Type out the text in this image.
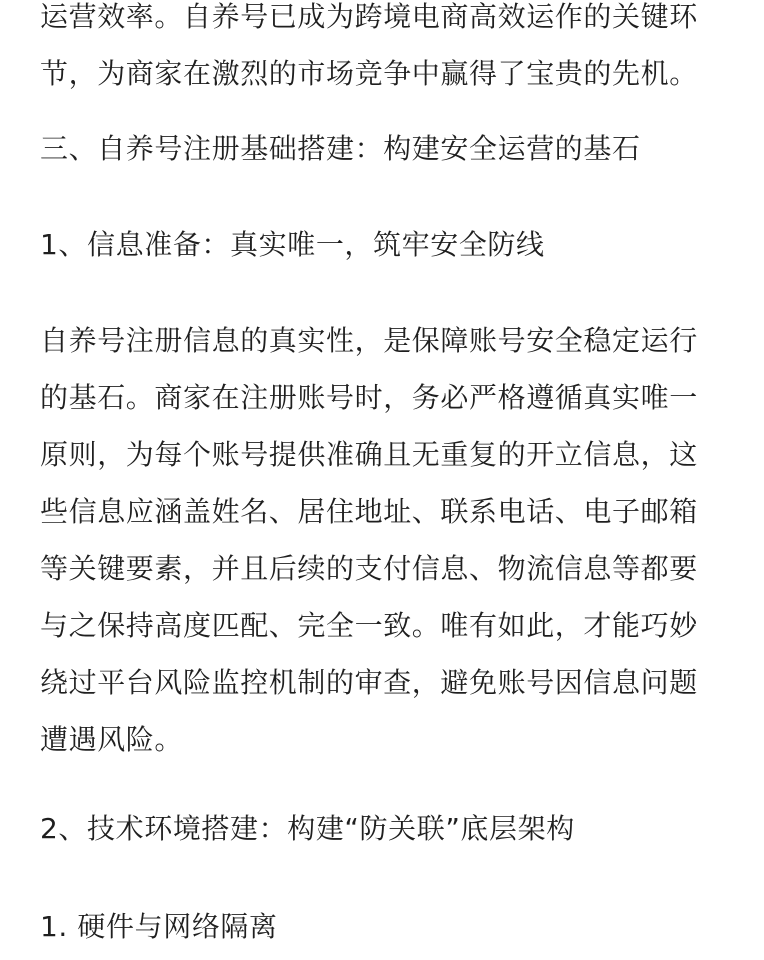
运营效率。自养号已成为跨境电商高效运作的关键环
节，为商家在激烈的市场竞争中赢得了宝贵的先机。
三、自养号注册基础搭建：构建安全运营的基石
1、信息准备：真实唯一，筑牢安全防线
自养号注册信息的真实性，是保障账号安全稳定运行
的基石。商家在注册账号时，务必严格遵循真实唯一
原则，为每个账号提供准确且无重复的开立信息，这
些信息应涵盖姓名、居住地址、联系电话、电子邮箱
等关键要素，并且后续的支付信息、物流信息等都要
与之保持高度匹配、完全一致。唯有如此，才能巧妙
绕过平台风险监控机制的审查，避免账号因信息问题
遭遇风险。
2、技术环境搭建：构建“防关联”底层架构
1. 硬件与网络隔离
